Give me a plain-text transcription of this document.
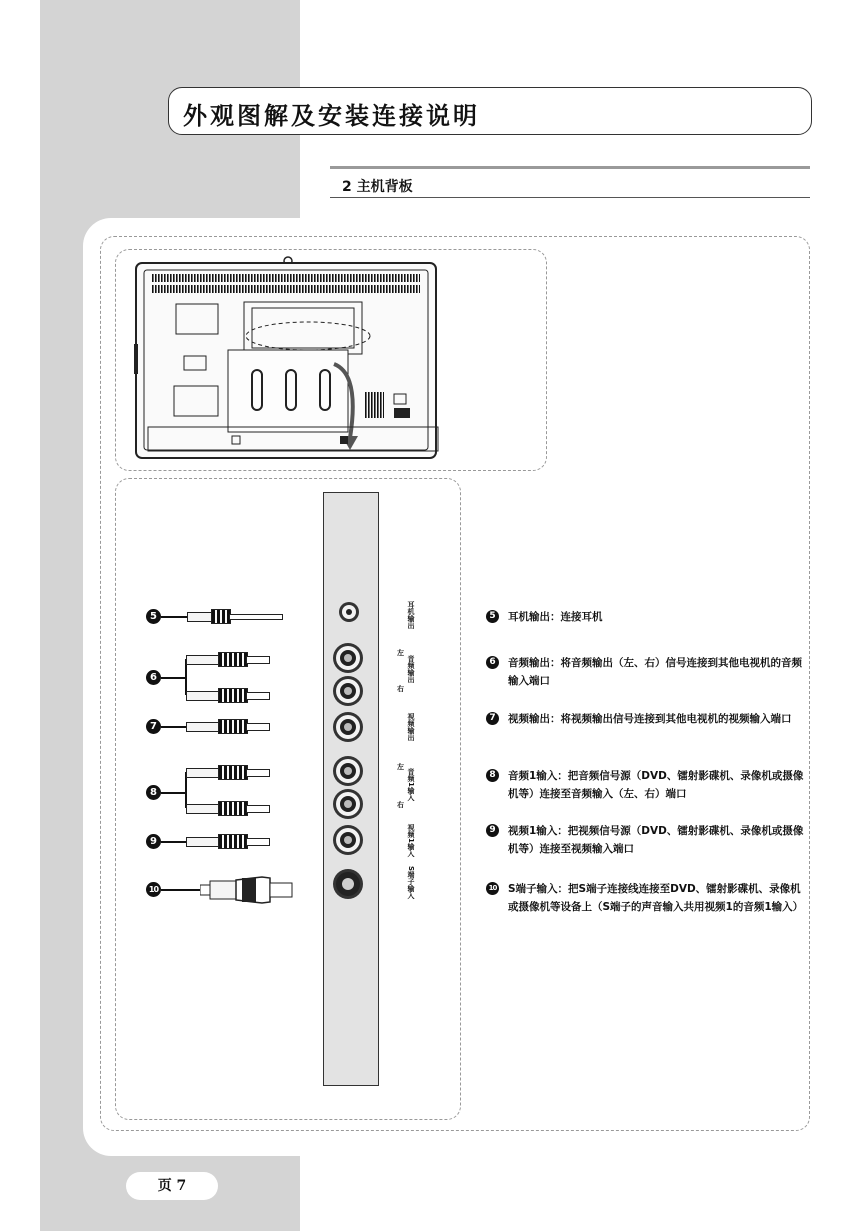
外观图解及安装连接说明
2 主机背板
耳机输出
左
音频输出
右
视频输出
左
音频1输入
右
视频1输入
S端子输入
5
6
7
8
9
10
5	耳机输出：连接耳机
6	音频输出：将音频输出（左、右）信号连接到其他电视机的音频输入端口
7	视频输出：将视频输出信号连接到其他电视机的视频输入端口
8	音频1输入：把音频信号源（DVD、镭射影碟机、录像机或摄像机等）连接至音频输入（左、右）端口
9	视频1输入：把视频信号源（DVD、镭射影碟机、录像机或摄像机等）连接至视频输入端口
10 S端子输入：把S端子连接线连接至DVD、镭射影碟机、录像机或摄像机等设备上（S端子的声音输入共用视频1的音频1输入）
页 7
